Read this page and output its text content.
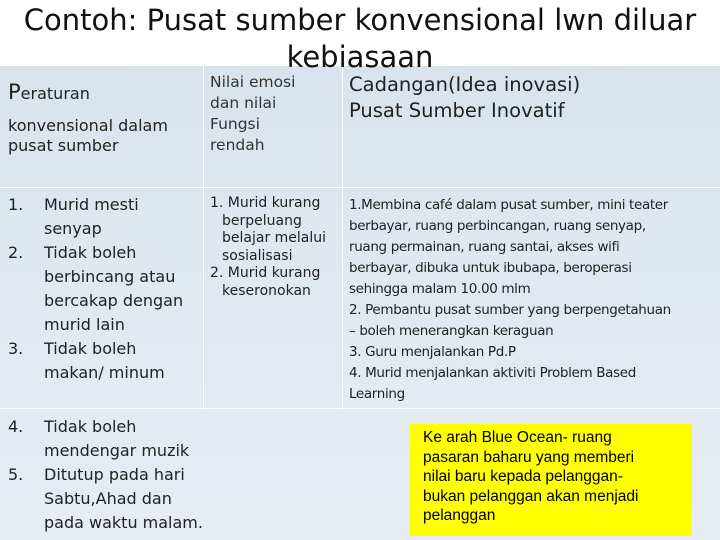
Contoh: Pusat sumber konvensional lwn diluar
kebiasaan
Peraturan
konvensional dalam
pusat sumber
Nilai emosi
dan nilai
Fungsi
rendah
Cadangan(Idea inovasi)
Pusat Sumber Inovatif
1. Murid mesti
senyap
2. Tidak boleh
berbincang atau
bercakap dengan
murid lain
3. Tidak boleh
makan/ minum
4. Tidak boleh
mendengar muzik
5. Ditutup pada hari
Sabtu,Ahad dan
pada waktu malam.
1. Murid kurang
berpeluang
belajar melalui
sosialisasi
2. Murid kurang
keseronokan
1.Membina café dalam pusat sumber, mini teater
berbayar, ruang perbincangan, ruang senyap,
ruang permainan, ruang santai, akses wifi
berbayar, dibuka untuk ibubapa, beroperasi
sehingga malam 10.00 mlm
2. Pembantu pusat sumber yang berpengetahuan
– boleh menerangkan keraguan
3. Guru menjalankan Pd.P
4. Murid menjalankan aktiviti Problem Based
Learning
Ke arah Blue Ocean- ruang
pasaran baharu yang memberi
nilai baru kepada pelanggan-
bukan pelanggan akan menjadi
pelanggan
